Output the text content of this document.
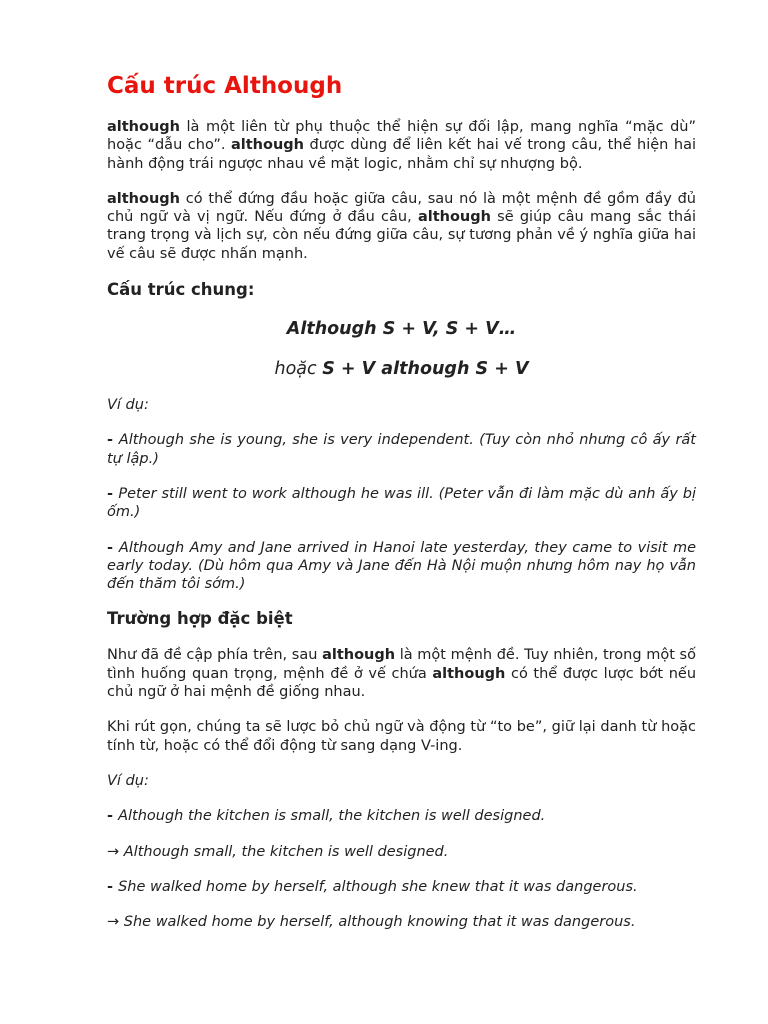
Cấu trúc Although

although là một liên từ phụ thuộc thể hiện sự đối lập, mang nghĩa “mặc dù” hoặc “dẫu cho”. although được dùng để liên kết hai vế trong câu, thể hiện hai hành động trái ngược nhau về mặt logic, nhằm chỉ sự nhượng bộ.

although có thể đứng đầu hoặc giữa câu, sau nó là một mệnh đề gồm đầy đủ chủ ngữ và vị ngữ. Nếu đứng ở đầu câu, although sẽ giúp câu mang sắc thái trang trọng và lịch sự, còn nếu đứng giữa câu, sự tương phản về ý nghĩa giữa hai vế câu sẽ được nhấn mạnh.

Cấu trúc chung:
Although S + V, S + V…
hoặc S + V although S + V

Ví dụ:

- Although she is young, she is very independent. (Tuy còn nhỏ nhưng cô ấy rất tự lập.)

- Peter still went to work although he was ill. (Peter vẫn đi làm mặc dù anh ấy bị ốm.)

- Although Amy and Jane arrived in Hanoi late yesterday, they came to visit me early today. (Dù hôm qua Amy và Jane đến Hà Nội muộn nhưng hôm nay họ vẫn đến thăm tôi sớm.)

Trường hợp đặc biệt

Như đã đề cập phía trên, sau although là một mệnh đề. Tuy nhiên, trong một số tình huống quan trọng, mệnh đề ở vế chứa although có thể được lược bớt nếu chủ ngữ ở hai mệnh đề giống nhau.

Khi rút gọn, chúng ta sẽ lược bỏ chủ ngữ và động từ “to be”, giữ lại danh từ hoặc tính từ, hoặc có thể đổi động từ sang dạng V-ing.

Ví dụ:

- Although the kitchen is small, the kitchen is well designed.

→ Although small, the kitchen is well designed.

- She walked home by herself, although she knew that it was dangerous.

→ She walked home by herself, although knowing that it was dangerous.
